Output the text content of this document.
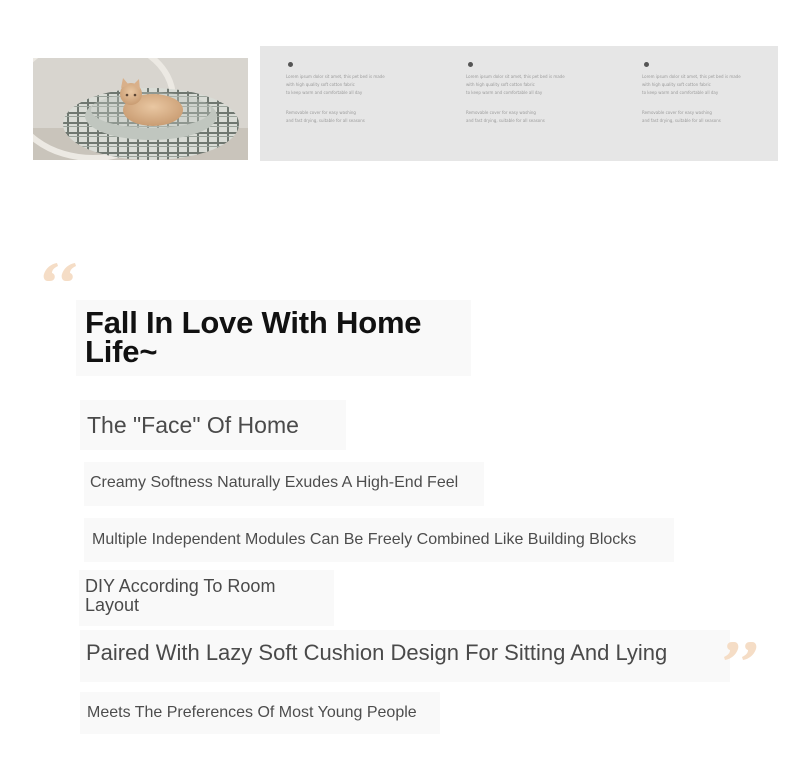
Lorem ipsum dolor sit amet, this pet bed is made
with high quality soft cotton fabric
to keep warm and comfortable all day
Removable cover for easy washing
and fast drying, suitable for all seasons
Lorem ipsum dolor sit amet, this pet bed is made
with high quality soft cotton fabric
to keep warm and comfortable all day
Removable cover for easy washing
and fast drying, suitable for all seasons
Lorem ipsum dolor sit amet, this pet bed is made
with high quality soft cotton fabric
to keep warm and comfortable all day
Removable cover for easy washing
and fast drying, suitable for all seasons
Fall In Love With Home
Life~
The "Face" Of Home
Creamy Softness Naturally Exudes A High-End Feel
Multiple Independent Modules Can Be Freely Combined Like Building Blocks
DIY According To Room
Layout
Paired With Lazy Soft Cushion Design For Sitting And Lying
Meets The Preferences Of Most Young People
